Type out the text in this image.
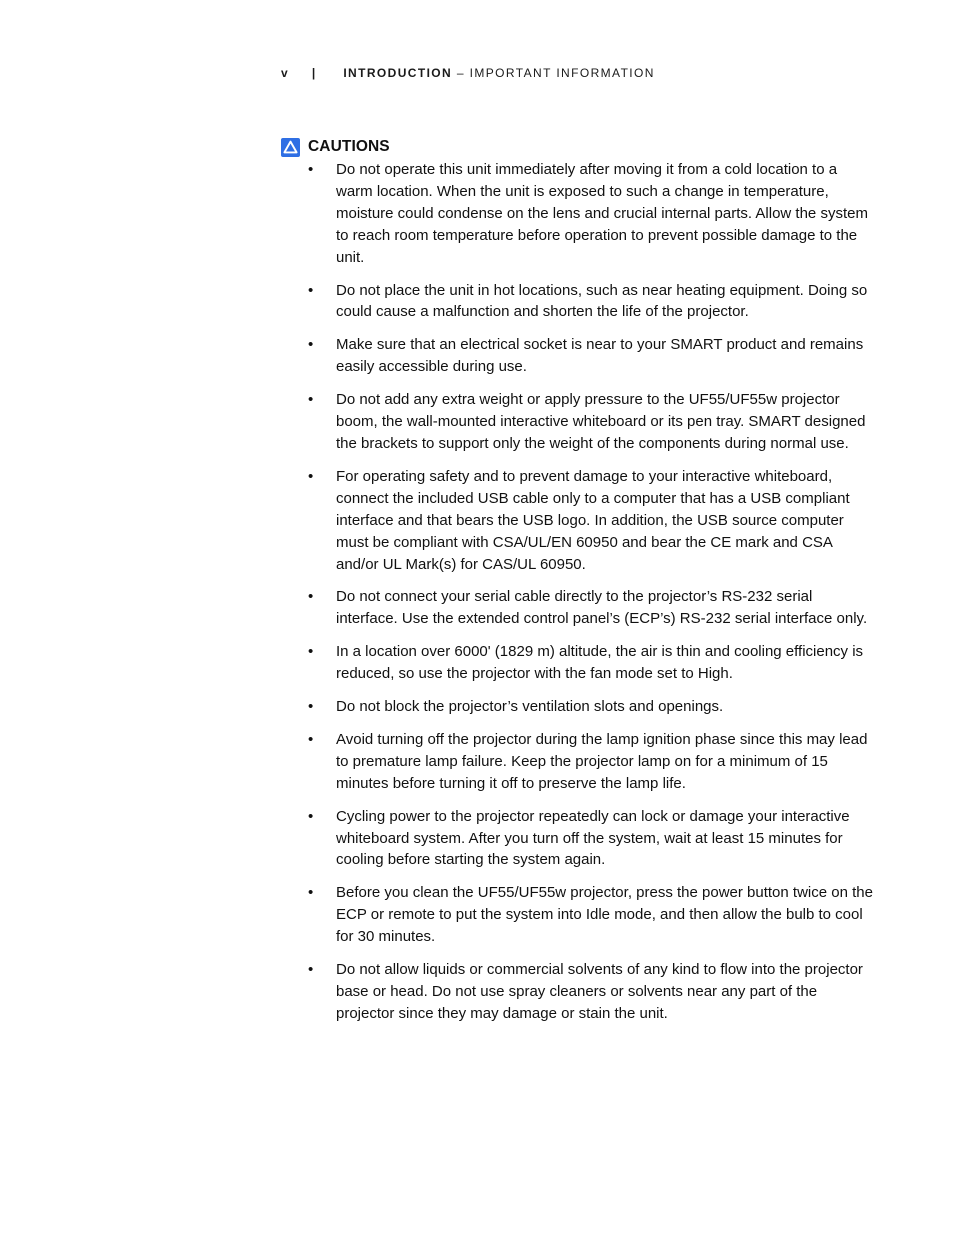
v | INTRODUCTION – IMPORTANT INFORMATION
CAUTIONS
• Do not operate this unit immediately after moving it from a cold location to a warm location. When the unit is exposed to such a change in temperature, moisture could condense on the lens and crucial internal parts. Allow the system to reach room temperature before operation to prevent possible damage to the unit.
• Do not place the unit in hot locations, such as near heating equipment. Doing so could cause a malfunction and shorten the life of the projector.
• Make sure that an electrical socket is near to your SMART product and remains easily accessible during use.
• Do not add any extra weight or apply pressure to the UF55/UF55w projector boom, the wall-mounted interactive whiteboard or its pen tray. SMART designed the brackets to support only the weight of the components during normal use.
• For operating safety and to prevent damage to your interactive whiteboard, connect the included USB cable only to a computer that has a USB compliant interface and that bears the USB logo. In addition, the USB source computer must be compliant with CSA/UL/EN 60950 and bear the CE mark and CSA and/or UL Mark(s) for CAS/UL 60950.
• Do not connect your serial cable directly to the projector’s RS-232 serial interface. Use the extended control panel’s (ECP’s) RS-232 serial interface only.
• In a location over 6000' (1829 m) altitude, the air is thin and cooling efficiency is reduced, so use the projector with the fan mode set to High.
• Do not block the projector’s ventilation slots and openings.
• Avoid turning off the projector during the lamp ignition phase since this may lead to premature lamp failure. Keep the projector lamp on for a minimum of 15 minutes before turning it off to preserve the lamp life.
• Cycling power to the projector repeatedly can lock or damage your interactive whiteboard system. After you turn off the system, wait at least 15 minutes for cooling before starting the system again.
• Before you clean the UF55/UF55w projector, press the power button twice on the ECP or remote to put the system into Idle mode, and then allow the bulb to cool for 30 minutes.
• Do not allow liquids or commercial solvents of any kind to flow into the projector base or head. Do not use spray cleaners or solvents near any part of the projector since they may damage or stain the unit.
